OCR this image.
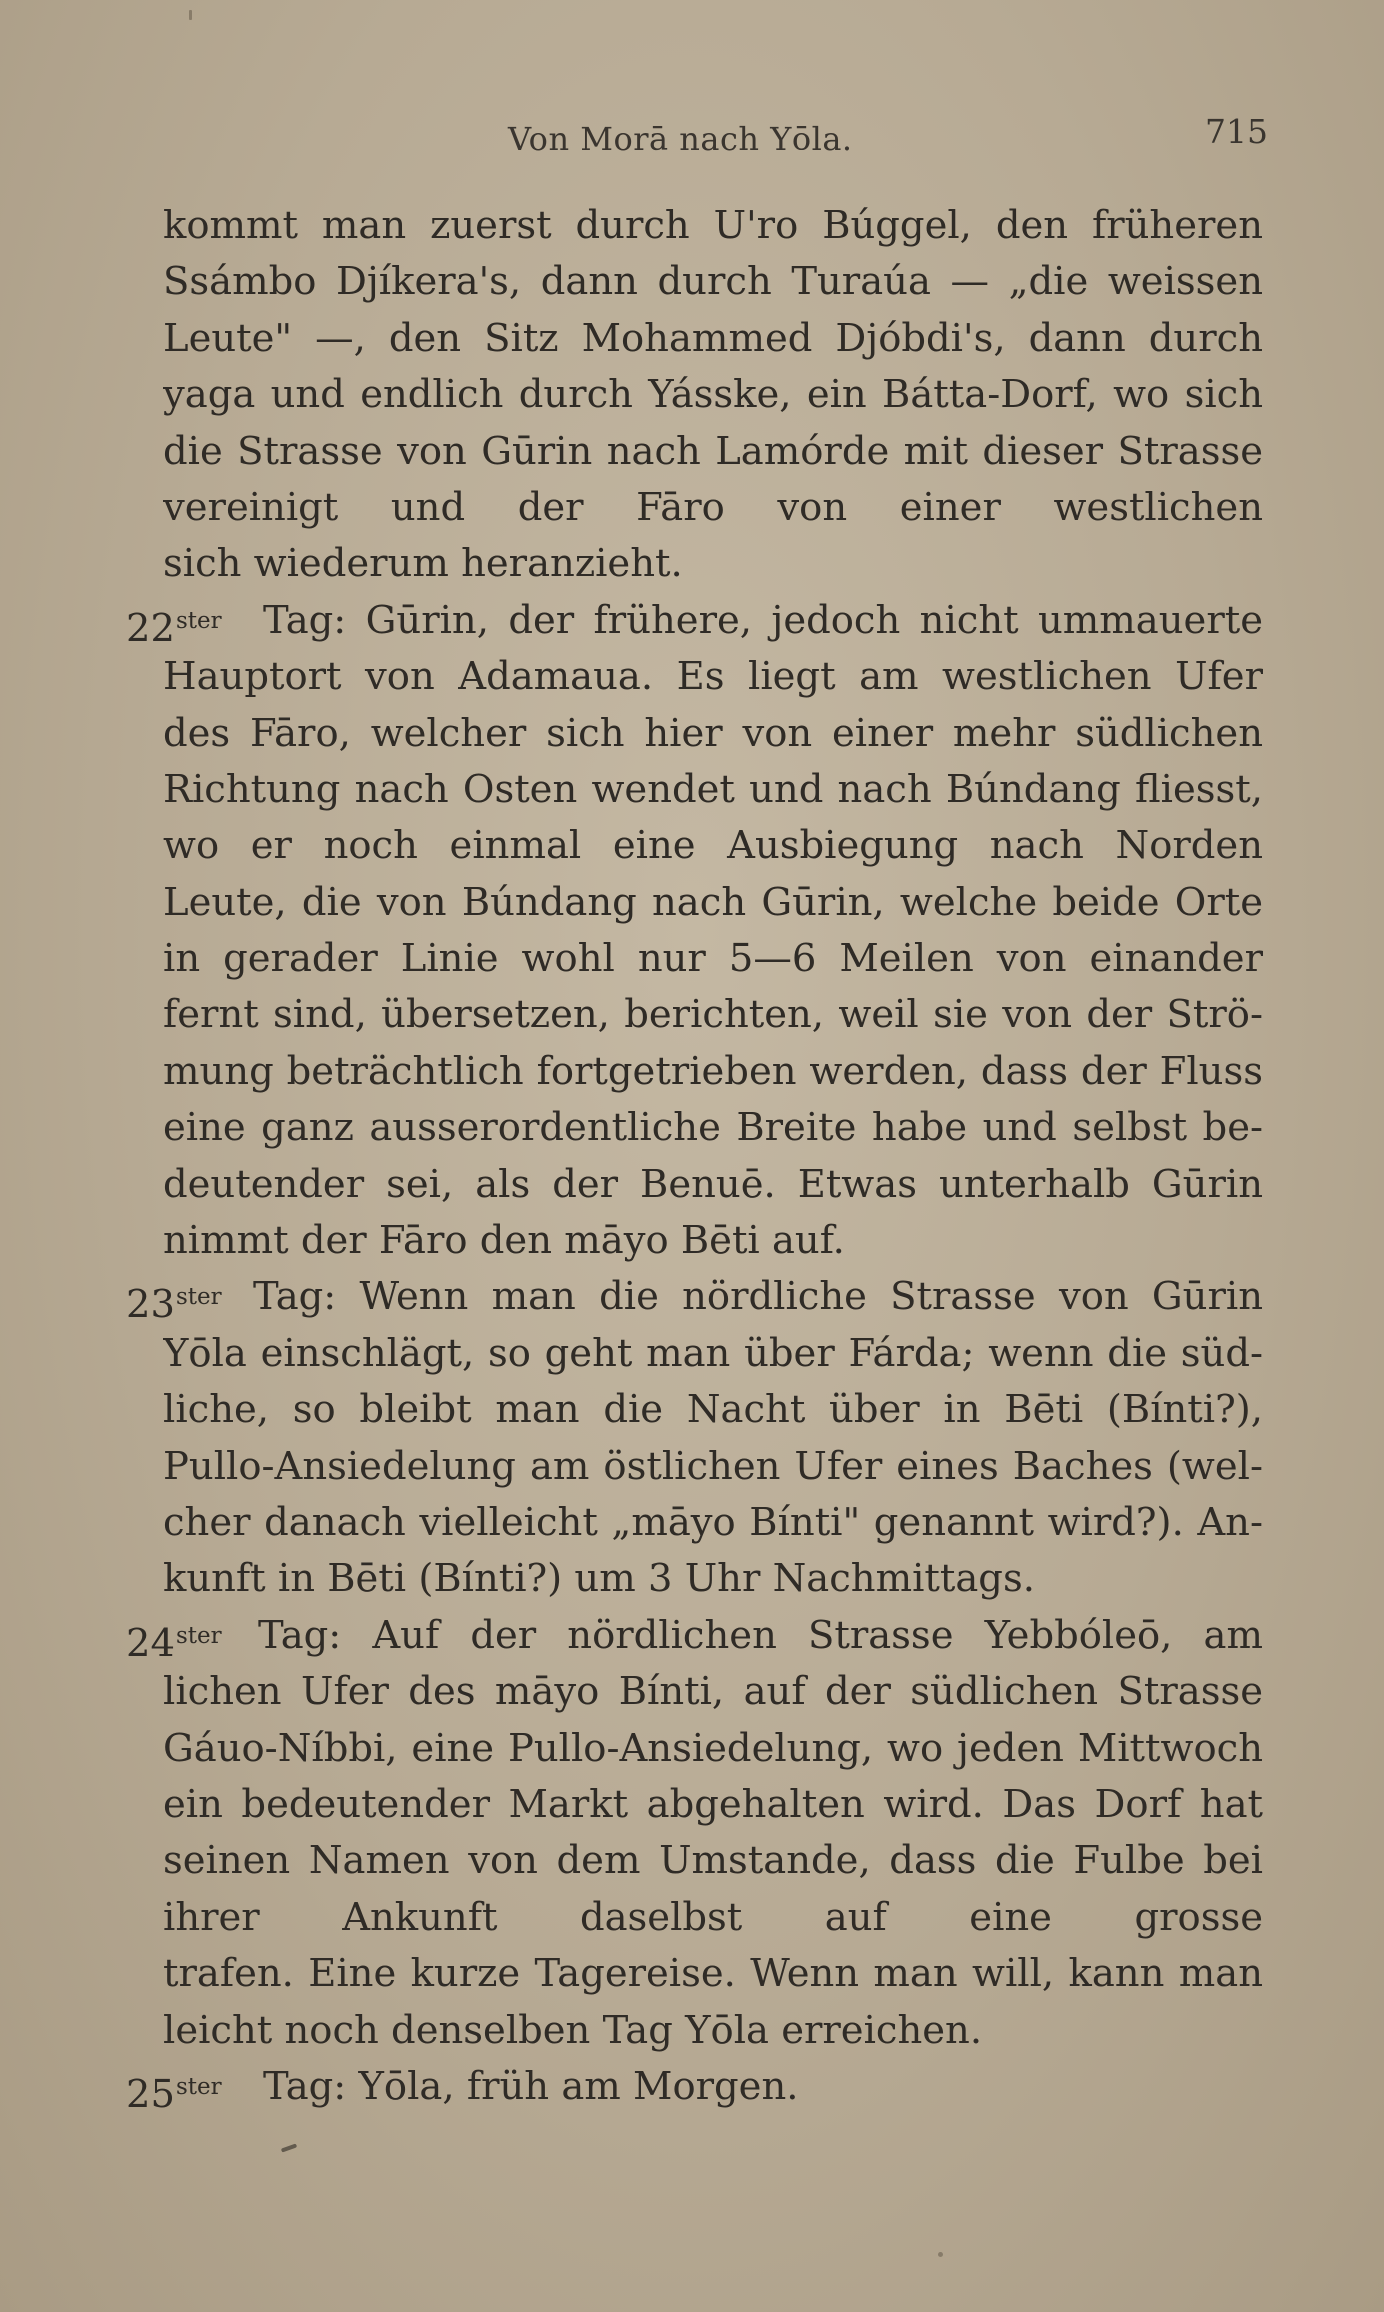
Von Morā nach Yōla.	715
kommt man zuerst durch U'ro Búggel, den früheren
Ssámbo Djíkera's, dann durch Turaúa — „die weissen
Leute" —, den Sitz Mohammed Djóbdi's, dann durch
yaga und endlich durch Yásske, ein Bátta-Dorf, wo sich
die Strasse von Gūrin nach Lamórde mit dieser Strasse
vereinigt und der Fāro von einer westlichen
sich wiederum heranzieht.
$22^{ster}$ Tag: Gūrin, der frühere, jedoch nicht ummauerte
Hauptort von Adamaua. Es liegt am westlichen Ufer
des Fāro, welcher sich hier von einer mehr südlichen
Richtung nach Osten wendet und nach Búndang fliesst,
wo er noch einmal eine Ausbiegung nach Norden
Leute, die von Búndang nach Gūrin, welche beide Orte
in gerader Linie wohl nur 5—6 Meilen von einander
fernt sind, übersetzen, berichten, weil sie von der Strö-
mung beträchtlich fortgetrieben werden, dass der Fluss
eine ganz ausserordentliche Breite habe und selbst be-
deutender sei, als der Benuē. Etwas unterhalb Gūrin
nimmt der Fāro den māyo Bēti auf.
$23^{ster}$ Tag: Wenn man die nördliche Strasse von Gūrin
Yōla einschlägt, so geht man über Fárda; wenn die süd-
liche, so bleibt man die Nacht über in Bēti (Bínti?),
Pullo-Ansiedelung am östlichen Ufer eines Baches (wel-
cher danach vielleicht „māyo Bínti" genannt wird?). An-
kunft in Bēti (Bínti?) um 3 Uhr Nachmittags.
$24^{ster}$ Tag: Auf der nördlichen Strasse Yebbóleō, am
lichen Ufer des māyo Bínti, auf der südlichen Strasse
Gáuo-Níbbi, eine Pullo-Ansiedelung, wo jeden Mittwoch
ein bedeutender Markt abgehalten wird. Das Dorf hat
seinen Namen von dem Umstande, dass die Fulbe bei
ihrer Ankunft daselbst auf eine grosse
trafen. Eine kurze Tagereise. Wenn man will, kann man
leicht noch denselben Tag Yōla erreichen.
$25^{ster}$ Tag: Yōla, früh am Morgen.
